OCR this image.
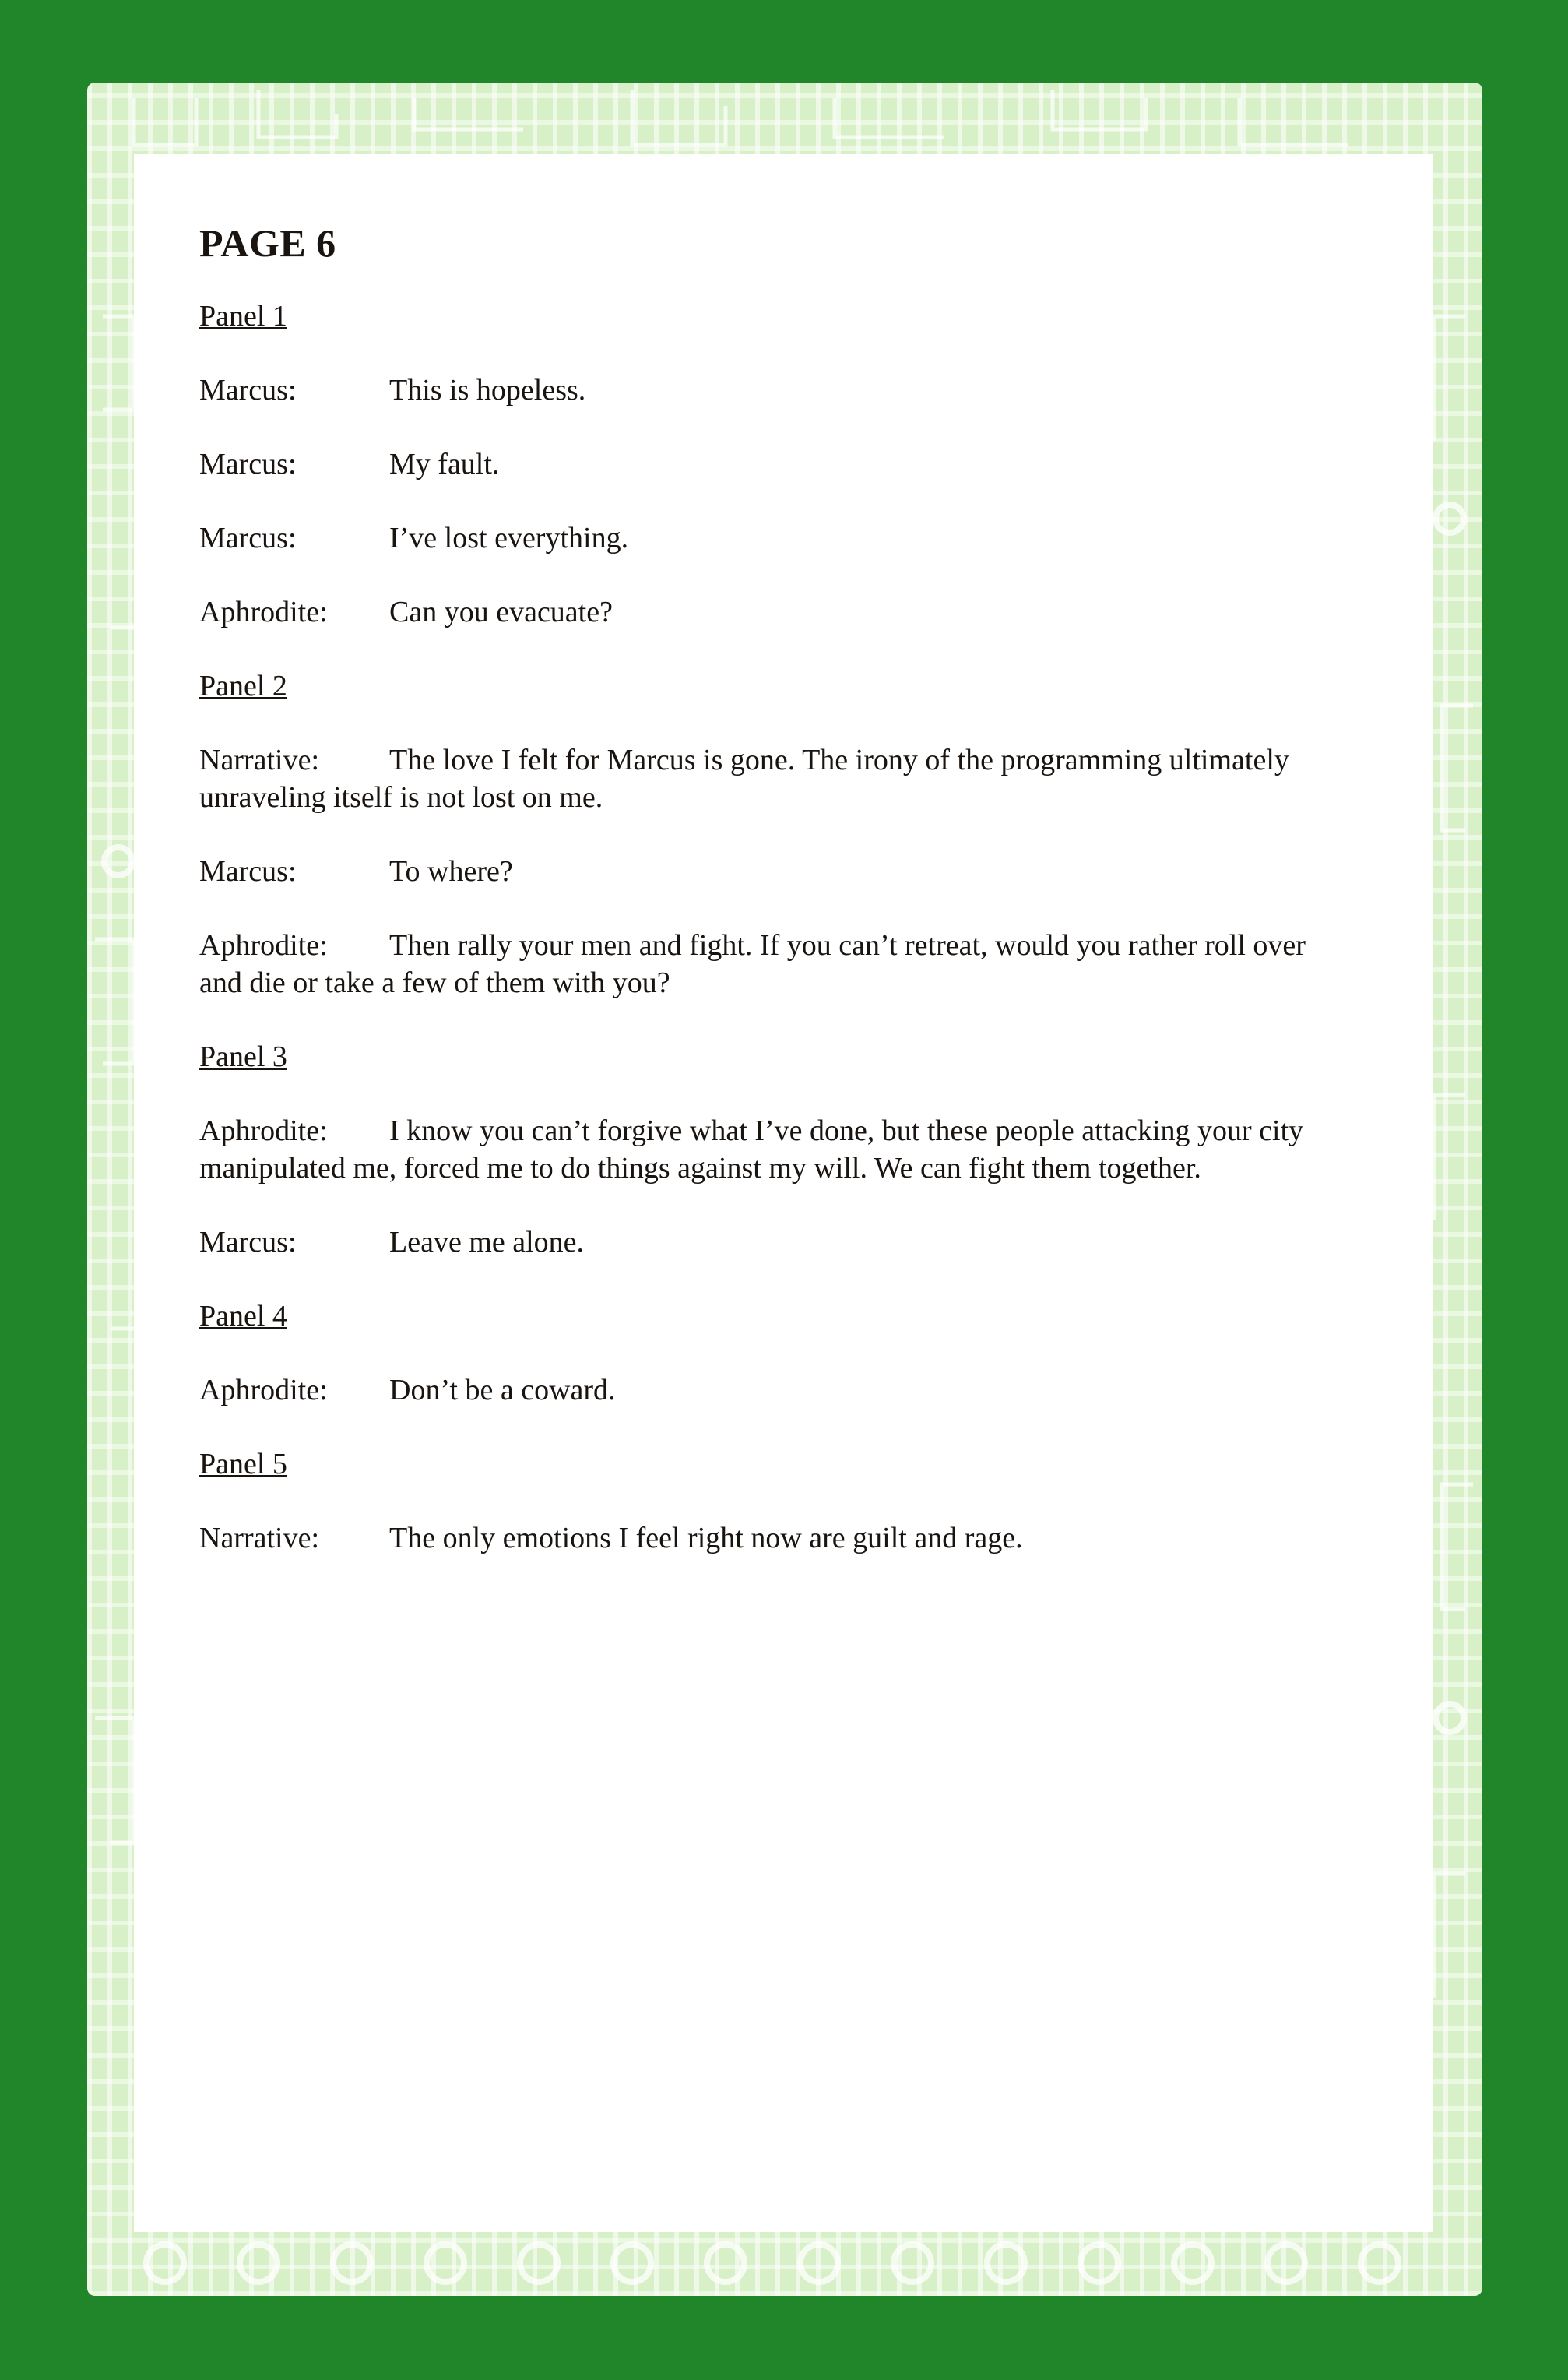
PAGE 6
Panel 1
Marcus:	This is hopeless.
Marcus:	My fault.
Marcus:	I’ve lost everything.
Aphrodite: Can you evacuate?
Panel 2
Narrative: The love I felt for Marcus is gone. The irony of the programming ultimately unraveling itself is not lost on me.
Marcus:	To where?
Aphrodite: Then rally your men and fight. If you can’t retreat, would you rather roll over and die or take a few of them with you?
Panel 3
Aphrodite: I know you can’t forgive what I’ve done, but these people attacking your city manipulated me, forced me to do things against my will. We can fight them together.
Marcus:	Leave me alone.
Panel 4
Aphrodite: Don’t be a coward.
Panel 5
Narrative: The only emotions I feel right now are guilt and rage.
